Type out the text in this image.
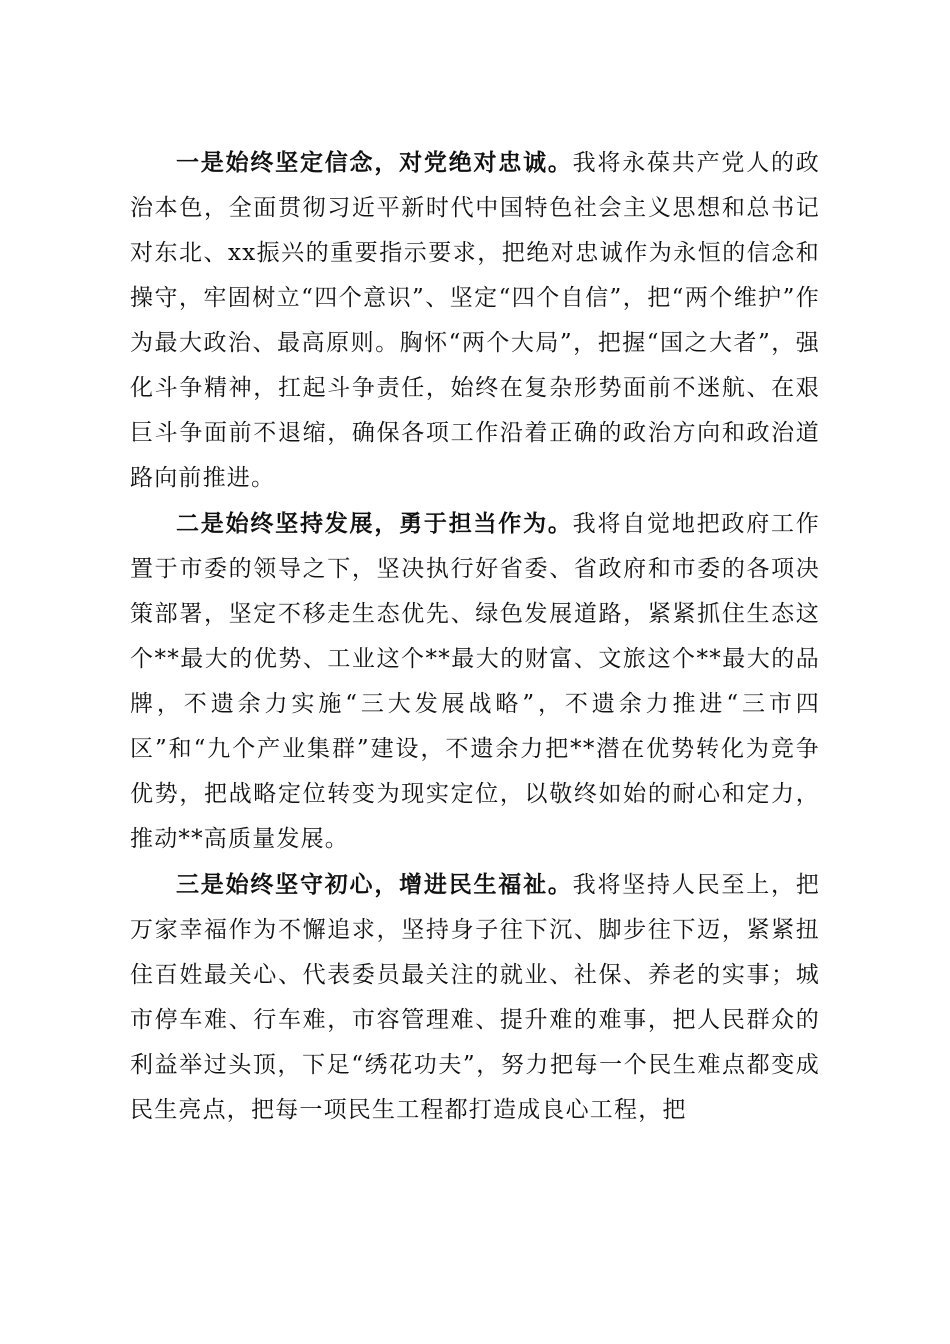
一是始终坚定信念，对党绝对忠诚。我将永葆共产党人的政治本色，全面贯彻习近平新时代中国特色社会主义思想和总书记对东北、xx振兴的重要指示要求，把绝对忠诚作为永恒的信念和操守，牢固树立“四个意识”、坚定“四个自信”，把“两个维护”作为最大政治、最高原则。胸怀“两个大局”，把握“国之大者”，强化斗争精神，扛起斗争责任，始终在复杂形势面前不迷航、在艰巨斗争面前不退缩，确保各项工作沿着正确的政治方向和政治道路向前推进。

二是始终坚持发展，勇于担当作为。我将自觉地把政府工作置于市委的领导之下，坚决执行好省委、省政府和市委的各项决策部署，坚定不移走生态优先、绿色发展道路，紧紧抓住生态这个**最大的优势、工业这个**最大的财富、文旅这个**最大的品牌，不遗余力实施“三大发展战略”，不遗余力推进“三市四区”和“九个产业集群”建设，不遗余力把**潜在优势转化为竞争优势，把战略定位转变为现实定位，以敬终如始的耐心和定力，推动**高质量发展。

三是始终坚守初心，增进民生福祉。我将坚持人民至上，把万家幸福作为不懈追求，坚持身子往下沉、脚步往下迈，紧紧扭住百姓最关心、代表委员最关注的就业、社保、养老的实事；城市停车难、行车难，市容管理难、提升难的难事，把人民群众的利益举过头顶，下足“绣花功夫”，努力把每一个民生难点都变成民生亮点，把每一项民生工程都打造成良心工程，把
